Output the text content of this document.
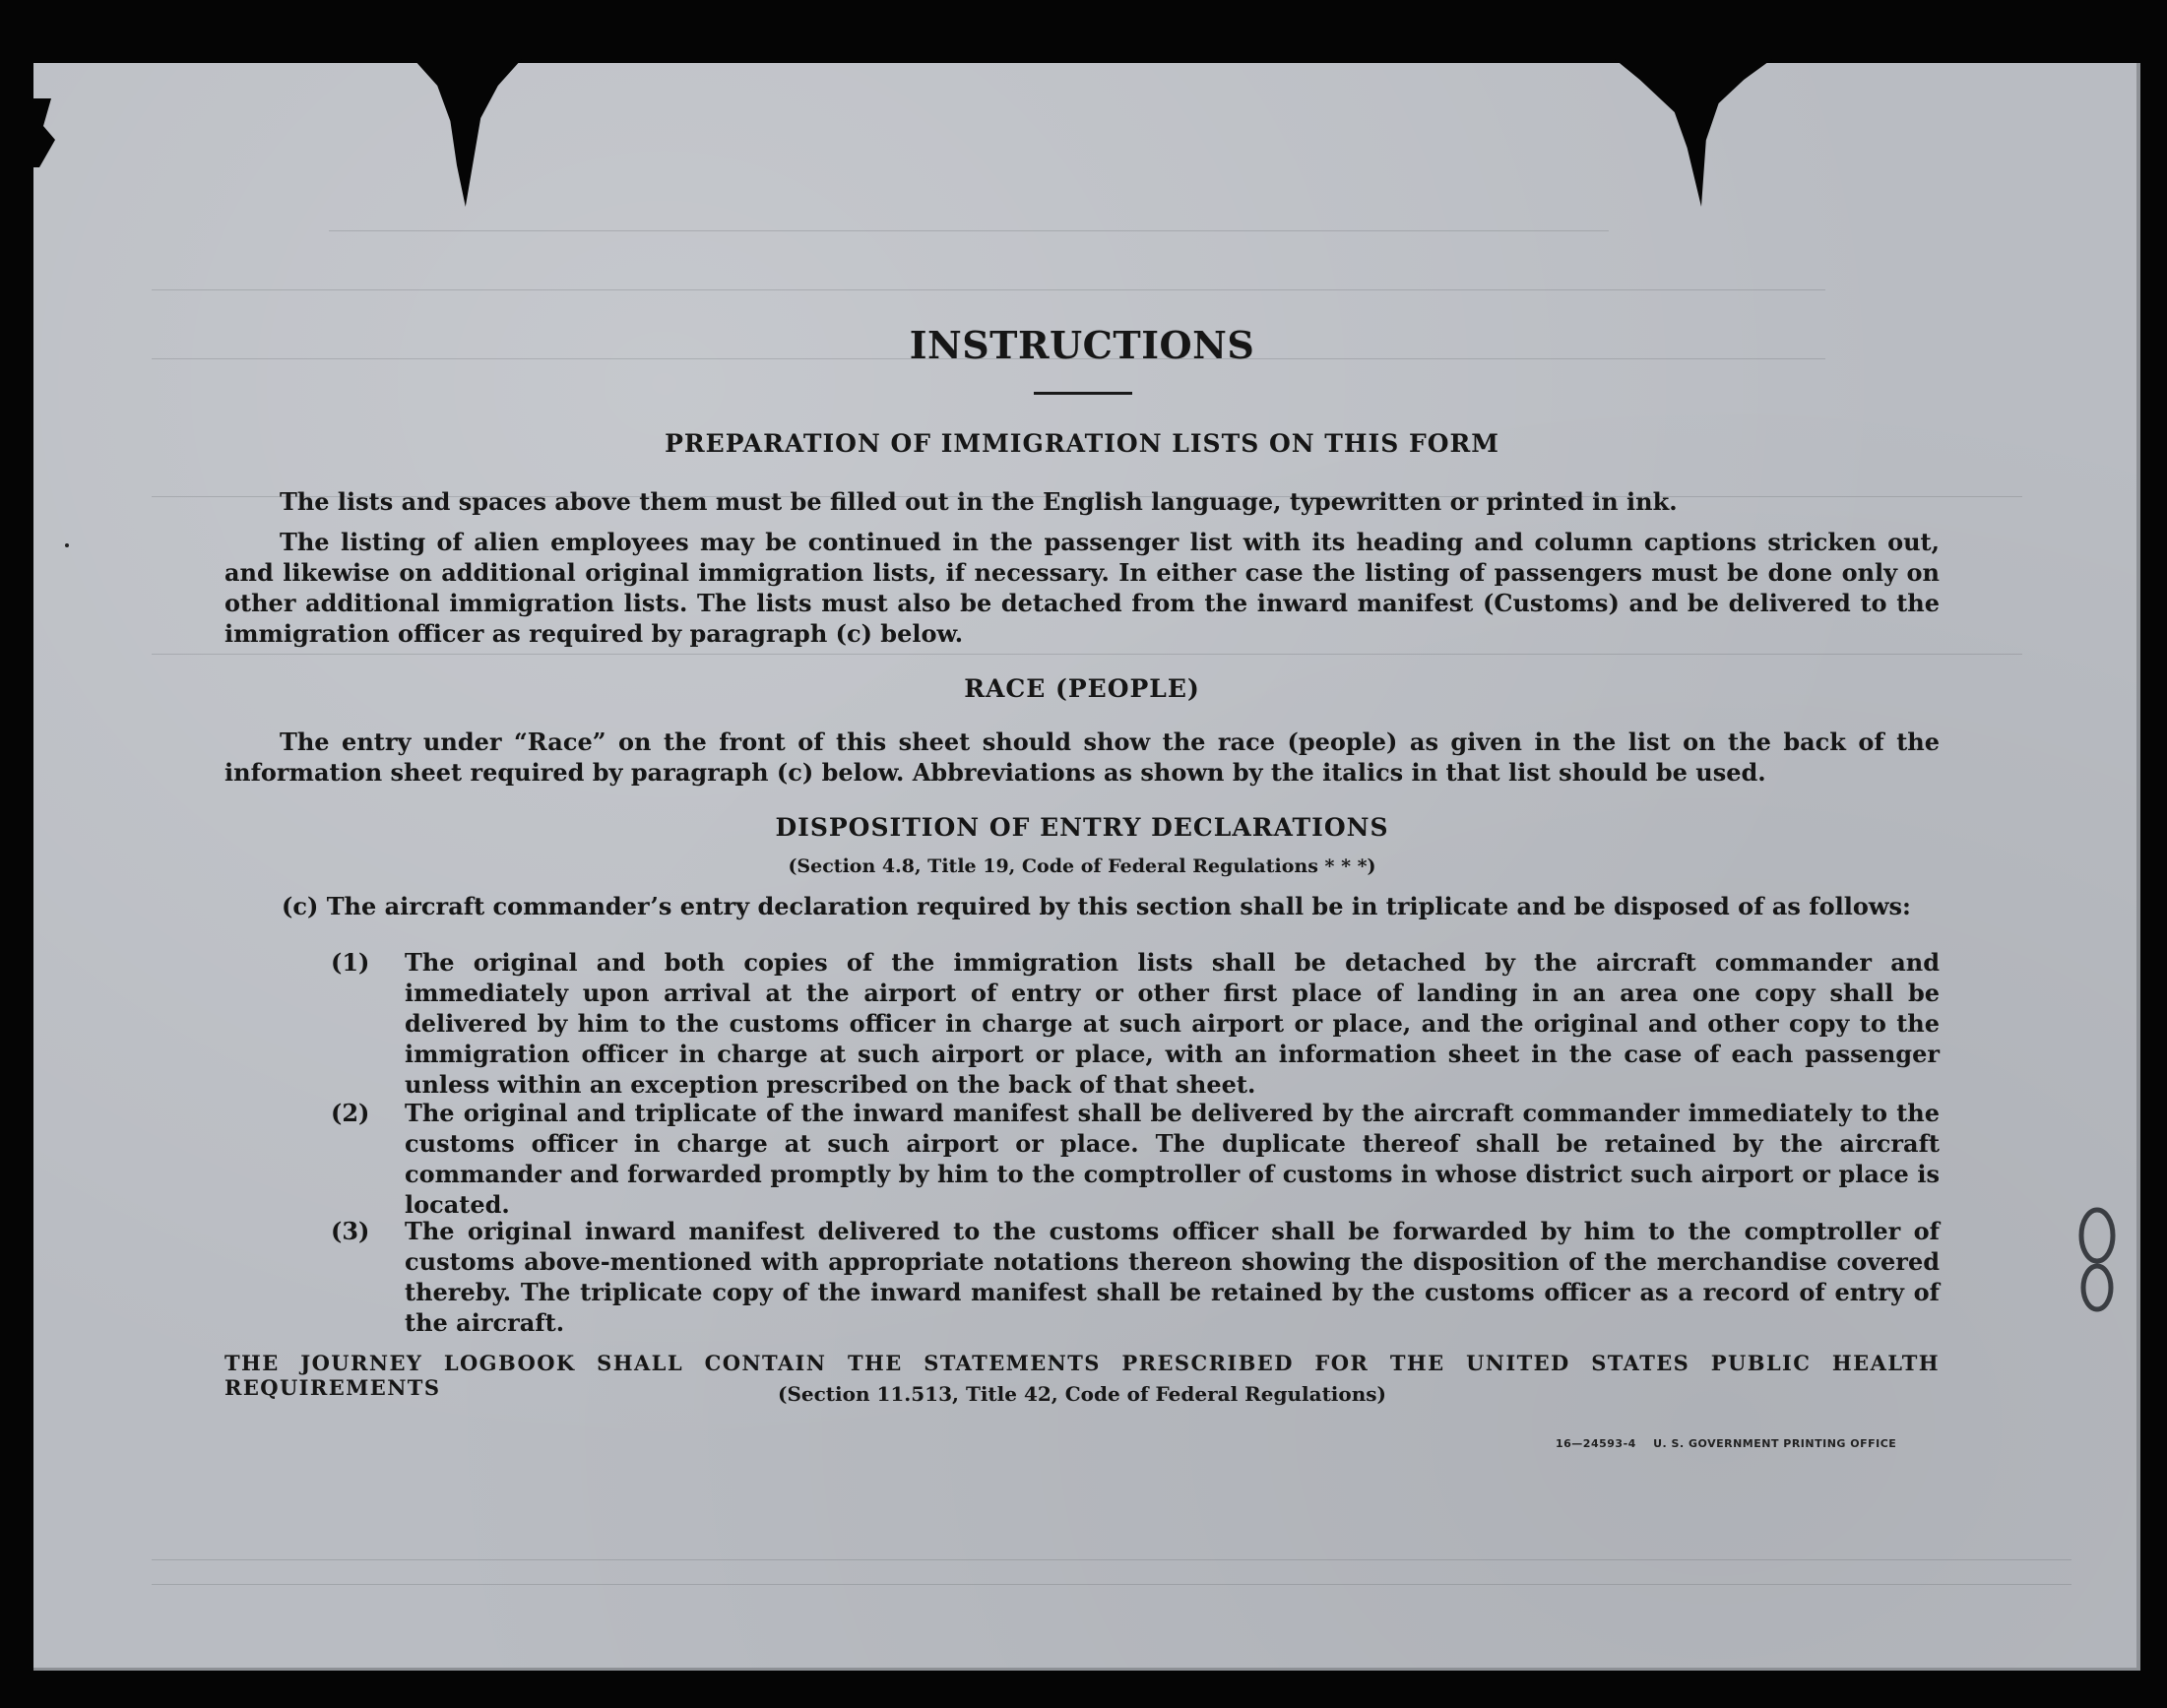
INSTRUCTIONS
PREPARATION OF IMMIGRATION LISTS ON THIS FORM
The lists and spaces above them must be filled out in the English language, typewritten or printed in ink.
The listing of alien employees may be continued in the passenger list with its heading and column captions stricken out, and likewise on additional original immigration lists, if necessary. In either case the listing of passengers must be done only on other additional immigration lists. The lists must also be detached from the inward manifest (Customs) and be delivered to the immigration officer as required by paragraph (c) below.
RACE (PEOPLE)
The entry under “Race” on the front of this sheet should show the race (people) as given in the list on the back of the information sheet required by paragraph (c) below. Abbreviations as shown by the italics in that list should be used.
DISPOSITION OF ENTRY DECLARATIONS
(Section 4.8, Title 19, Code of Federal Regulations * * *)
(c) The aircraft commander’s entry declaration required by this section shall be in triplicate and be disposed of as follows:
(1) The original and both copies of the immigration lists shall be detached by the aircraft commander and immediately upon arrival at the airport of entry or other first place of landing in an area one copy shall be delivered by him to the customs officer in charge at such airport or place, and the original and other copy to the immigration officer in charge at such airport or place, with an information sheet in the case of each passenger unless within an exception prescribed on the back of that sheet.
(2) The original and triplicate of the inward manifest shall be delivered by the aircraft commander immediately to the customs officer in charge at such airport or place. The duplicate thereof shall be retained by the aircraft commander and forwarded promptly by him to the comptroller of customs in whose district such airport or place is located.
(3) The original inward manifest delivered to the customs officer shall be forwarded by him to the comptroller of customs above-mentioned with appropriate notations thereon showing the disposition of the merchandise covered thereby. The triplicate copy of the inward manifest shall be retained by the customs officer as a record of entry of the aircraft.
THE JOURNEY LOGBOOK SHALL CONTAIN THE STATEMENTS PRESCRIBED FOR THE UNITED STATES PUBLIC HEALTH REQUIREMENTS	(Section 11.513, Title 42, Code of Federal Regulations)
16—24593-4    U. S. GOVERNMENT PRINTING OFFICE
